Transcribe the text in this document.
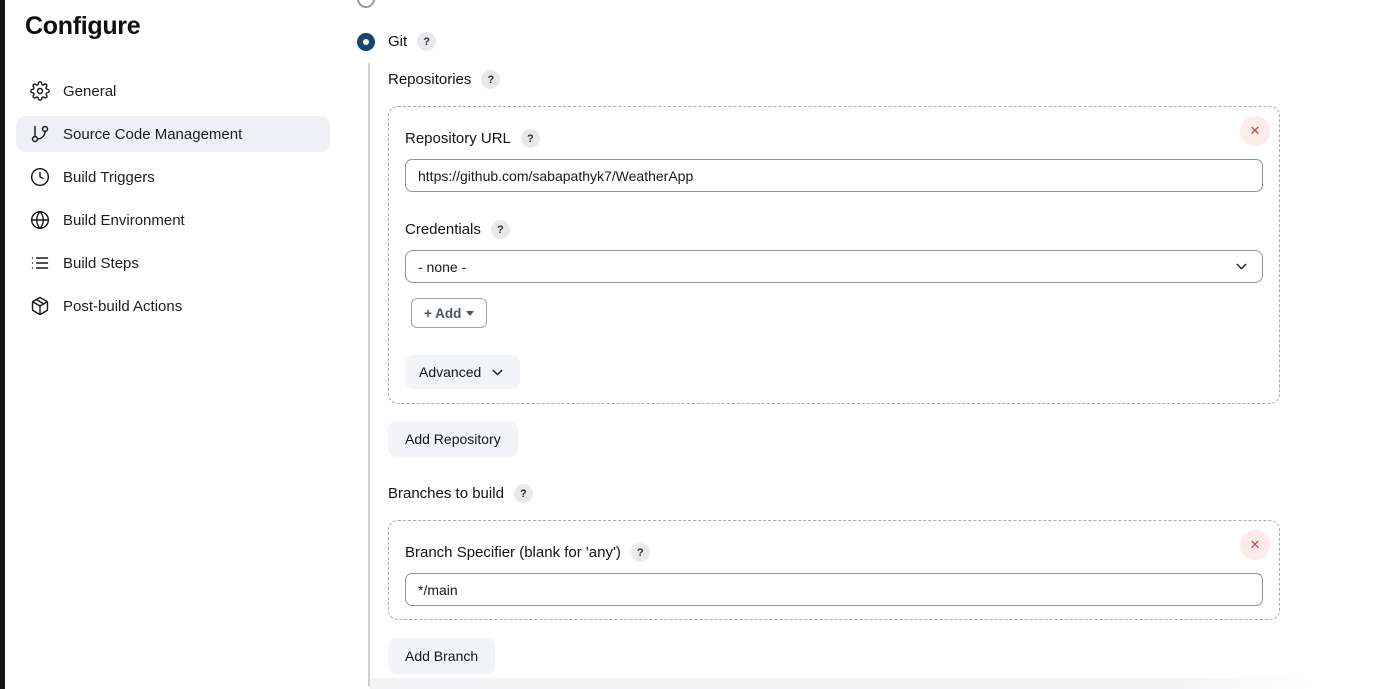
Configure
General
Source Code Management
Build Triggers
Build Environment
Build Steps
Post-build Actions
Git	?
Repositories	?
✕
Repository URL	?
https://github.com/sabapathyk7/WeatherApp
Credentials	?
- none -
+ Add
Advanced
Add Repository
Branches to build	?
✕
Branch Specifier (blank for 'any')	?
*/main
Add Branch
